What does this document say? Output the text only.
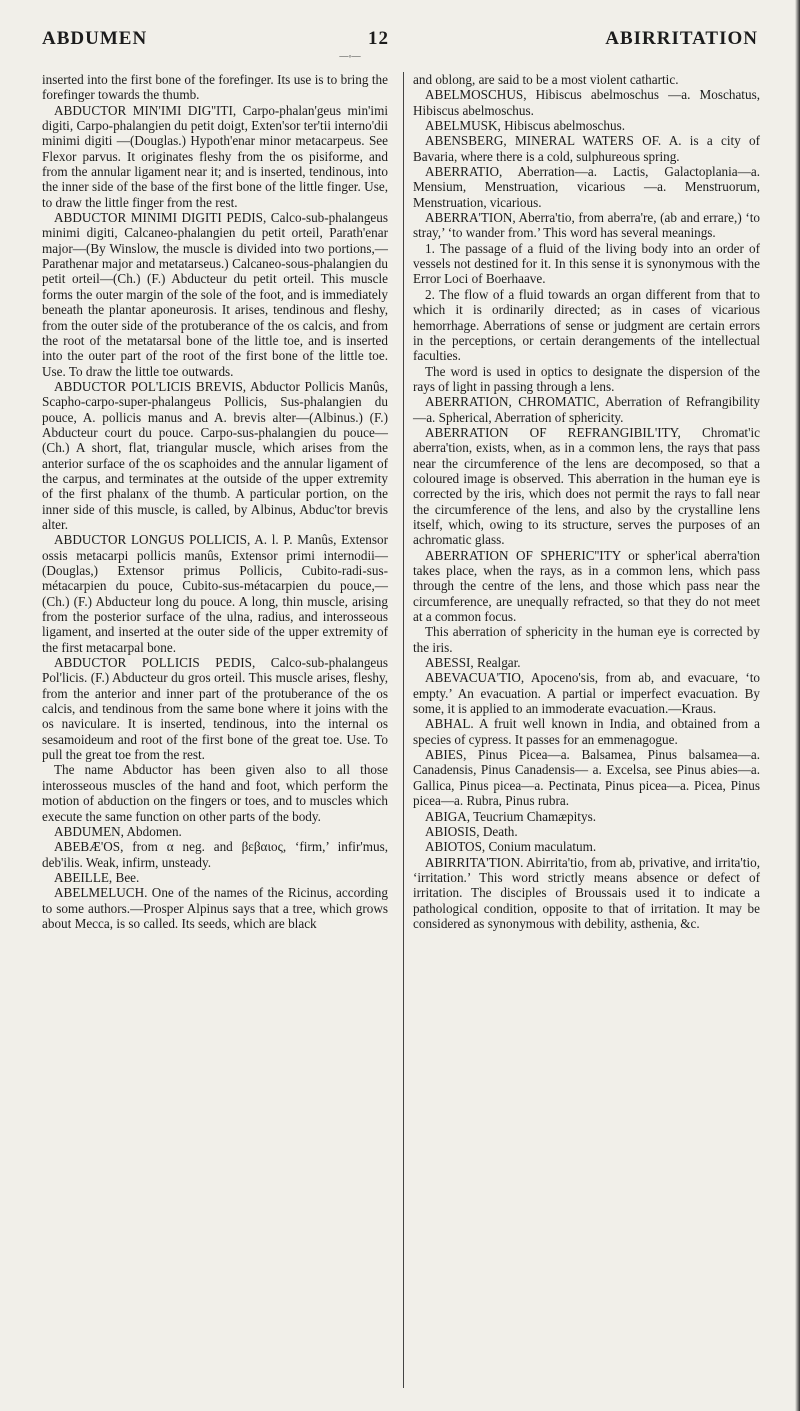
ABDUMEN	12	ABIRRITATION
—◦—

inserted into the first bone of the forefinger. Its use is to bring the forefinger towards the thumb.

ABDUCTOR MIN'IMI DIG''ITI, Carpo-phalan'geus min'imi digiti, Carpo-phalangien du petit doigt, Exten'sor ter'tii interno'dii minimi digiti —(Douglas.) Hypoth'enar minor metacarpeus. See Flexor parvus. It originates fleshy from the os pisiforme, and from the annular ligament near it; and is inserted, tendinous, into the inner side of the base of the first bone of the little finger. Use, to draw the little finger from the rest.

ABDUCTOR MINIMI DIGITI PEDIS, Calco-sub-phalangeus minimi digiti, Calcaneo-phalangien du petit orteil, Parath'enar major—(By Winslow, the muscle is divided into two portions,— Parathenar major and metatarseus.) Calcaneo-sous-phalangien du petit orteil—(Ch.) (F.) Abducteur du petit orteil. This muscle forms the outer margin of the sole of the foot, and is immediately beneath the plantar aponeurosis. It arises, tendinous and fleshy, from the outer side of the protuberance of the os calcis, and from the root of the metatarsal bone of the little toe, and is inserted into the outer part of the root of the first bone of the little toe. Use. To draw the little toe outwards.

ABDUCTOR POL'LICIS BREVIS, Abductor Pollicis Manûs, Scapho-carpo-super-phalangeus Pollicis, Sus-phalangien du pouce, A. pollicis manus and A. brevis alter—(Albinus.) (F.) Abducteur court du pouce. Carpo-sus-phalangien du pouce—(Ch.) A short, flat, triangular muscle, which arises from the anterior surface of the os scaphoides and the annular ligament of the carpus, and terminates at the outside of the upper extremity of the first phalanx of the thumb. A particular portion, on the inner side of this muscle, is called, by Albinus, Abduc'tor brevis alter.

ABDUCTOR LONGUS POLLICIS, A. l. P. Manûs, Extensor ossis metacarpi pollicis manûs, Extensor primi internodii—(Douglas,) Extensor primus Pollicis, Cubito-radi-sus-métacarpien du pouce, Cubito-sus-métacarpien du pouce,— (Ch.) (F.) Abducteur long du pouce. A long, thin muscle, arising from the posterior surface of the ulna, radius, and interosseous ligament, and inserted at the outer side of the upper extremity of the first metacarpal bone.

ABDUCTOR POLLICIS PEDIS, Calco-sub-phalangeus Pol'licis. (F.) Abducteur du gros orteil. This muscle arises, fleshy, from the anterior and inner part of the protuberance of the os calcis, and tendinous from the same bone where it joins with the os naviculare. It is inserted, tendinous, into the internal os sesamoideum and root of the first bone of the great toe. Use. To pull the great toe from the rest.

The name Abductor has been given also to all those interosseous muscles of the hand and foot, which perform the motion of abduction on the fingers or toes, and to muscles which execute the same function on other parts of the body.

ABDUMEN, Abdomen.

ABEBÆ'OS, from α neg. and βεβαιος, ‘firm,’ infir'mus, deb'ilis. Weak, infirm, unsteady.

ABEILLE, Bee.

ABELMELUCH. One of the names of the Ricinus, according to some authors.—Prosper Alpinus says that a tree, which grows about Mecca, is so called. Its seeds, which are black

and oblong, are said to be a most violent cathartic.

ABELMOSCHUS, Hibiscus abelmoschus —a. Moschatus, Hibiscus abelmoschus.

ABELMUSK, Hibiscus abelmoschus.

ABENSBERG, MINERAL WATERS OF. A. is a city of Bavaria, where there is a cold, sulphureous spring.

ABERRATIO, Aberration—a. Lactis, Galactoplania—a. Mensium, Menstruation, vicarious —a. Menstruorum, Menstruation, vicarious.

ABERRA'TION, Aberra'tio, from aberra're, (ab and errare,) ‘to stray,’ ‘to wander from.’ This word has several meanings.

1. The passage of a fluid of the living body into an order of vessels not destined for it. In this sense it is synonymous with the Error Loci of Boerhaave.

2. The flow of a fluid towards an organ different from that to which it is ordinarily directed; as in cases of vicarious hemorrhage. Aberrations of sense or judgment are certain errors in the perceptions, or certain derangements of the intellectual faculties.

The word is used in optics to designate the dispersion of the rays of light in passing through a lens.

ABERRATION, CHROMATIC, Aberration of Refrangibility—a. Spherical, Aberration of sphericity.

ABERRATION OF REFRANGIBIL'ITY, Chromat'ic aberra'tion, exists, when, as in a common lens, the rays that pass near the circumference of the lens are decomposed, so that a coloured image is observed. This aberration in the human eye is corrected by the iris, which does not permit the rays to fall near the circumference of the lens, and also by the crystalline lens itself, which, owing to its structure, serves the purposes of an achromatic glass.

ABERRATION OF SPHERIC''ITY or spher'ical aberra'tion takes place, when the rays, as in a common lens, which pass through the centre of the lens, and those which pass near the circumference, are unequally refracted, so that they do not meet at a common focus.

This aberration of sphericity in the human eye is corrected by the iris.

ABESSI, Realgar.

ABEVACUA'TIO, Apoceno'sis, from ab, and evacuare, ‘to empty.’ An evacuation. A partial or imperfect evacuation. By some, it is applied to an immoderate evacuation.—Kraus.

ABHAL. A fruit well known in India, and obtained from a species of cypress. It passes for an emmenagogue.

ABIES, Pinus Picea—a. Balsamea, Pinus balsamea—a. Canadensis, Pinus Canadensis— a. Excelsa, see Pinus abies—a. Gallica, Pinus picea—a. Pectinata, Pinus picea—a. Picea, Pinus picea—a. Rubra, Pinus rubra.

ABIGA, Teucrium Chamæpitys.

ABIOSIS, Death.

ABIOTOS, Conium maculatum.

ABIRRITA'TION. Abirrita'tio, from ab, privative, and irrita'tio, ‘irritation.’ This word strictly means absence or defect of irritation. The disciples of Broussais used it to indicate a pathological condition, opposite to that of irritation. It may be considered as synonymous with debility, asthenia, &c.
